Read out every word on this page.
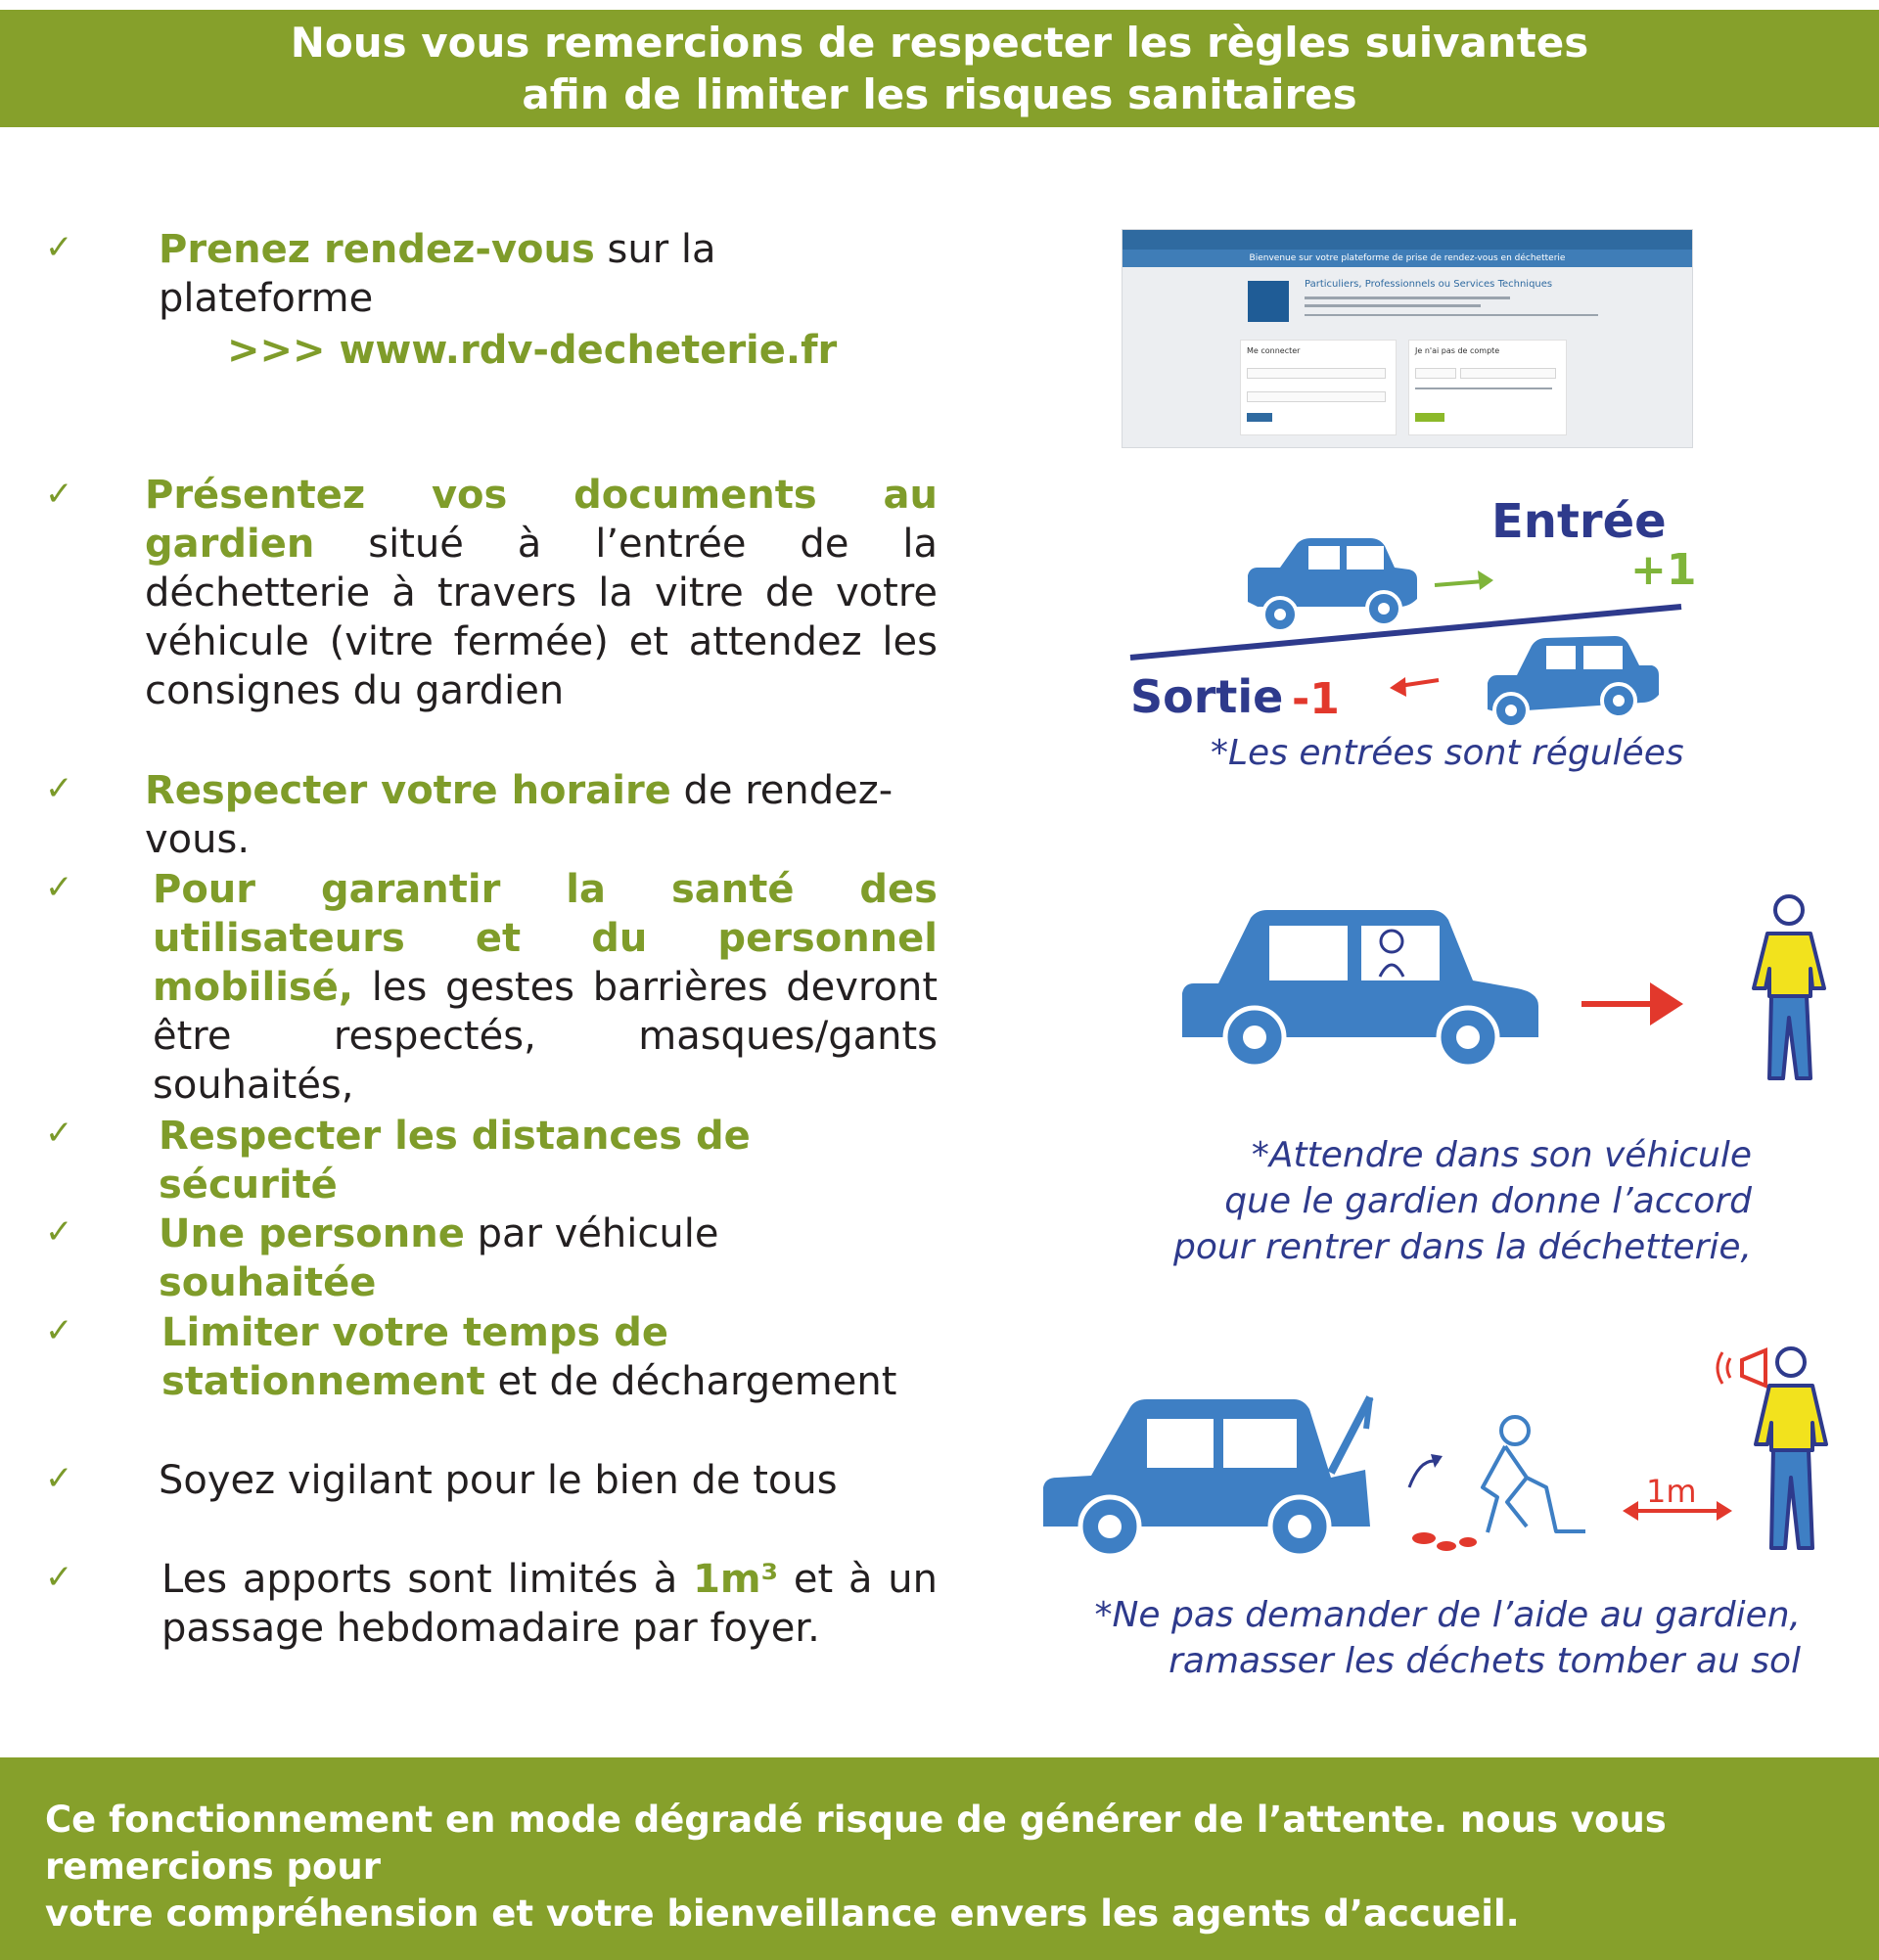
Nous vous remercions de respecter les règles suivantes
afin de limiter les risques sanitaires
✓ Prenez rendez-vous sur la plateforme
>>> www.rdv-decheterie.fr
✓ Présentez vos documents au gardien situé à l’entrée de la déchetterie à travers la vitre de votre véhicule (vitre fermée) et attendez les consignes du gardien
✓ Respecter votre horaire de rendez-vous.
✓ Pour garantir la santé des utilisateurs et du personnel mobilisé, les gestes barrières devront être respectés, masques/gants souhaités,
✓ Respecter les distances de sécurité
✓ Une personne par véhicule souhaitée
✓ Limiter votre temps de stationnement et de déchargement
✓ Soyez vigilant pour le bien de tous
✓ Les apports sont limités à 1m³ et à un passage hebdomadaire par foyer.
Bienvenue sur votre plateforme de prise de rendez-vous en déchetterie
Particuliers, Professionnels ou Services Techniques
Me connecter	Je n'ai pas de compte
Entrée
+1
Sortie -1
*Les entrées sont régulées
*Attendre dans son véhicule
que le gardien donne l’accord
pour rentrer dans la déchetterie,
1m
*Ne pas demander de l’aide au gardien,
ramasser les déchets tomber au sol
Ce fonctionnement en mode dégradé risque de générer de l’attente. nous vous remercions pour
votre compréhension et votre bienveillance envers les agents d’accueil.
